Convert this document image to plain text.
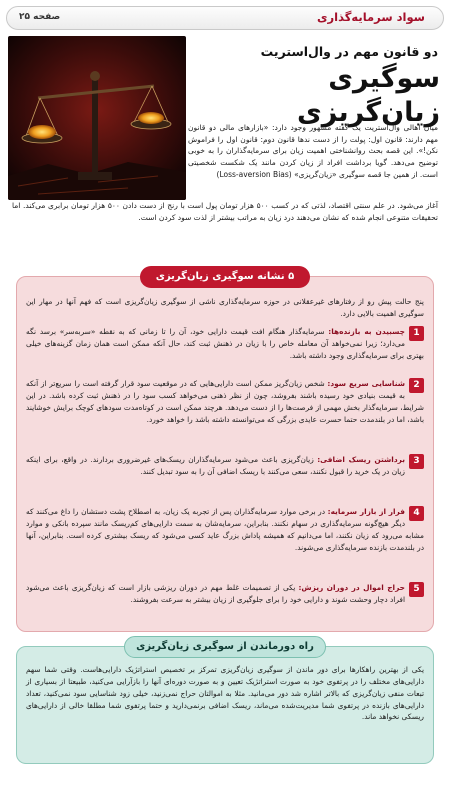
سواد سرمایه‌گذاری
صفحه ۲۵
دو قانون مهم در وال‌استریت
سوگیری زیان‌گریزی

میان اهالی وال‌استریت یک گفته مشهور وجود دارد: «بازارهای مالی دو قانون مهم دارند: قانون اول: پولت را از دست ندها قانون دوم: قانون اول را فراموش نکن!». این قصه بحث روانشناختی اهمیت زیان برای سرمایه‌گذاران را به خوبی توضیح می‌دهد. گویا برداشت افراد از زیان کردن مانند یک شکست شخصیتی است. از همین جا قصه سوگیری «زیان‌گریزی» (Loss-aversion Bias)

آغاز می‌شود. در علم سنتی اقتصاد، لذتی که در کسب ۵۰۰ هزار تومان پول است با رنج از دست دادن ۵۰۰ هزار تومان برابری می‌کند. اما تحقیقات متنوعی انجام شده که نشان می‌دهند درد زیان به مراتب بیشتر از لذت سود کردن است.

۵ نشانه سوگیری زیان‌گریزی

پنج حالت پیش رو از رفتارهای غیرعقلانی در حوزه سرمایه‌گذاری ناشی از سوگیری زیان‌گریزی است که فهم آنها در مهار این سوگیری اهمیت بالایی دارد.

1
چسبیدن به بازنده‌ها: سرمایه‌گذار هنگام افت قیمت دارایی خود، آن را تا زمانی که به نقطه «سربه‌سر» برسد نگه می‌دارد؛ زیرا نمی‌خواهد آن معامله خاص را با زیان در ذهنش ثبت کند، حال آنکه ممکن است همان زمان گزینه‌های خیلی بهتری برای سرمایه‌گذاری وجود داشته باشد.
2
شناسایی سریع سود: شخص زیان‌گریز ممکن است دارایی‌هایی که در موقعیت سود قرار گرفته است را سریع‌تر از آنکه به قیمت بنیادی خود رسیده باشند بفروشد، چون از نظر ذهنی می‌خواهد کسب سود را در ذهنش ثبت کرده باشد. در این شرایط، سرمایه‌گذار بخش مهمی از فرصت‌ها را از دست می‌دهد. هرچند ممکن است در کوتاه‌مدت سودهای کوچک برایش خوشایند باشد، اما در بلندمدت حتما حسرت عایدی بزرگی که می‌توانسته داشته باشد را خواهد خورد.
3
برداشتن ریسک اضافی: زیان‌گریزی باعث می‌شود سرمایه‌گذاران ریسک‌های غیرضروری بردارند. در واقع، برای اینکه زیان در یک خرید را قبول نکنند، سعی می‌کنند با ریسک اضافی آن را به سود تبدیل کنند.
4
فرار از بازار سرمایه: در برخی موارد سرمایه‌گذاران پس از تجربه یک زیان، به اصطلاح پشت دستشان را داغ می‌کنند که دیگر هیچ‌گونه سرمایه‌گذاری در سهام نکنند. بنابراین، سرمایه‌شان به سمت دارایی‌های کم‌ریسک مانند سپرده بانکی و موارد مشابه می‌رود که زیان نکنند، اما می‌دانیم که همیشه پاداش بزرگ عاید کسی می‌شود که ریسک بیشتری کرده است. بنابراین، آنها در بلندمدت بازنده سرمایه‌گذاری می‌شوند.
5
حراج اموال در دوران ریزش: یکی از تصمیمات غلط مهم در دوران ریزشی بازار است که زیان‌گریزی باعث می‌شود افراد دچار وحشت شوند و دارایی خود را برای جلوگیری از زیان بیشتر به سرعت بفروشند.
راه دورماندن از سوگیری زیان‌گریزی

یکی از بهترین راهکارها برای دور ماندن از سوگیری زیان‌گریزی تمرکز بر تخصیص استراتژیک دارایی‌هاست. وقتی شما سهم دارایی‌های مختلف را در پرتفوی خود به صورت استراتژیک تعیین و به صورت دوره‌ای آنها را بازآرایی می‌کنید، طبیعتا از بسیاری از تبعات منفی زیان‌گریزی که بالاتر اشاره شد دور می‌مانید. مثلا به اموالتان حراج نمی‌زنید، خیلی زود شناسایی سود نمی‌کنید، تعداد دارایی‌های بازنده در پرتفوی شما مدیریت‌شده می‌ماند، ریسک اضافی برنمی‌دارید و حتما پرتفوی شما مطلقا خالی از دارایی‌های ریسکی نخواهد ماند.
